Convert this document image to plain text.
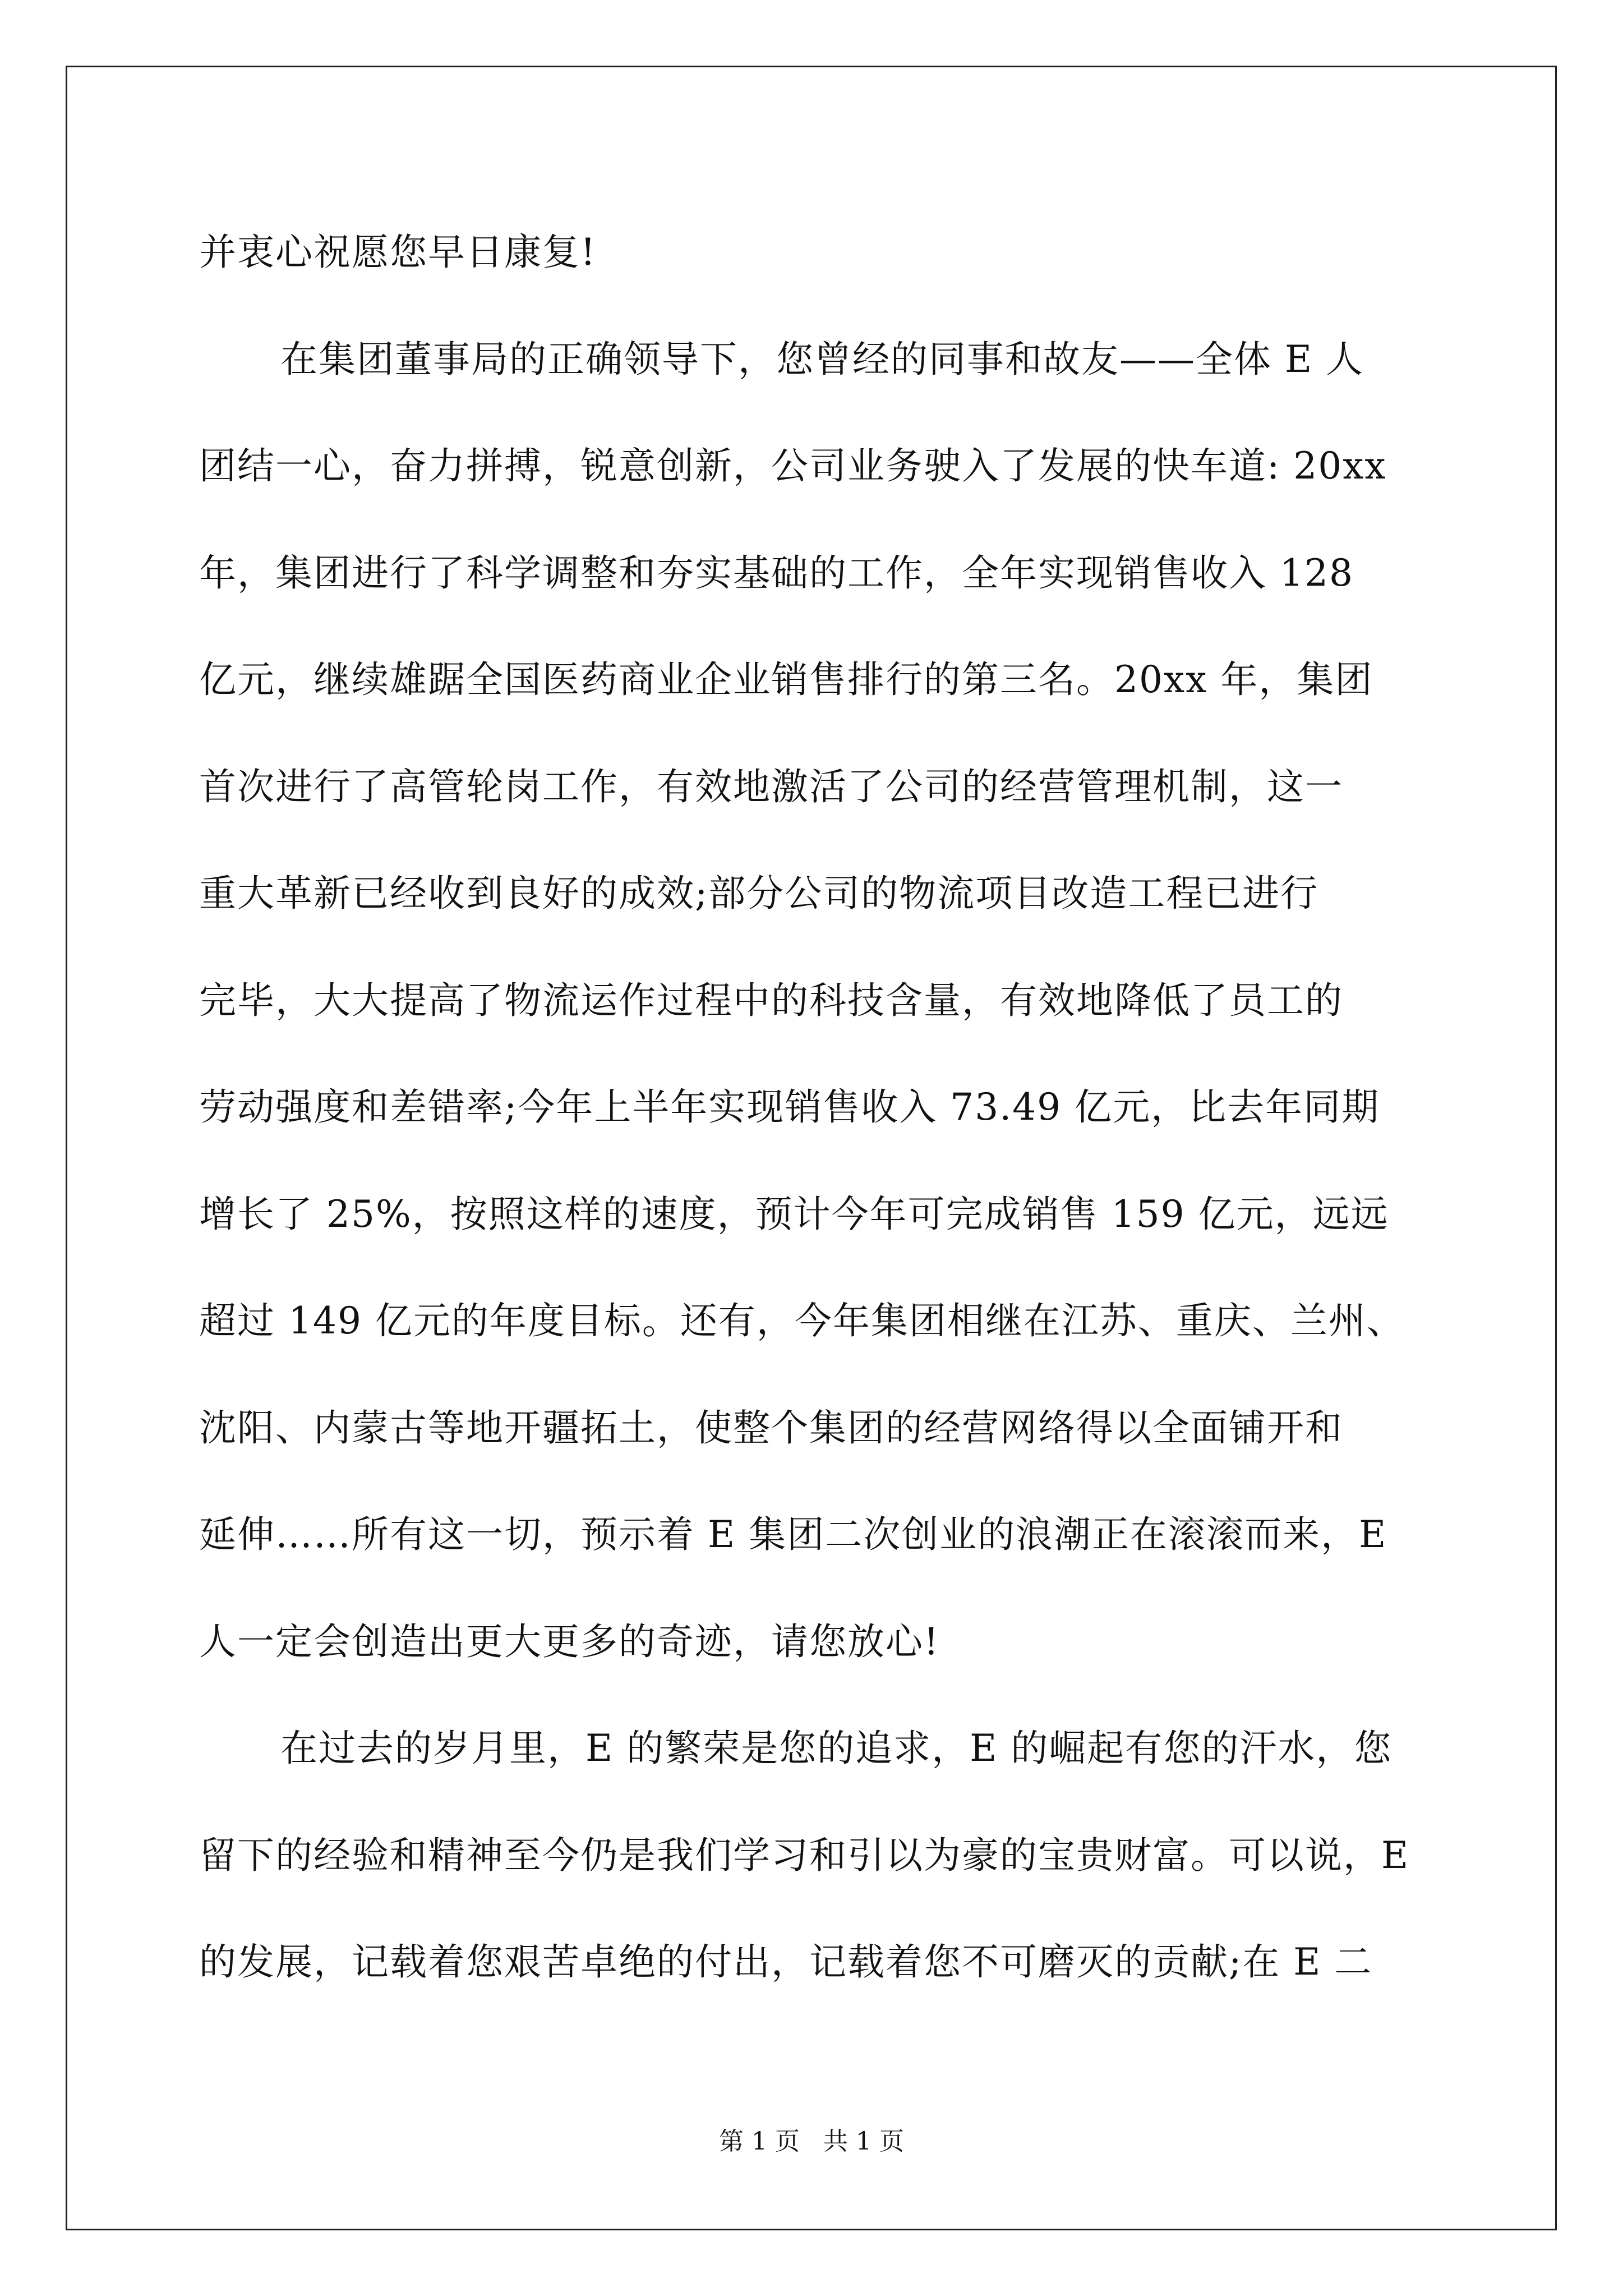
并衷心祝愿您早日康复!
在集团董事局的正确领导下，您曾经的同事和故友——全体 E 人
团结一心，奋力拼搏，锐意创新，公司业务驶入了发展的快车道: 20xx
年，集团进行了科学调整和夯实基础的工作，全年实现销售收入 128
亿元，继续雄踞全国医药商业企业销售排行的第三名。20xx 年，集团
首次进行了高管轮岗工作，有效地激活了公司的经营管理机制，这一
重大革新已经收到良好的成效;部分公司的物流项目改造工程已进行
完毕，大大提高了物流运作过程中的科技含量，有效地降低了员工的
劳动强度和差错率;今年上半年实现销售收入 73.49 亿元，比去年同期
增长了 25%，按照这样的速度，预计今年可完成销售 159 亿元，远远
超过 149 亿元的年度目标。还有，今年集团相继在江苏、重庆、兰州、
沈阳、内蒙古等地开疆拓土，使整个集团的经营网络得以全面铺开和
延伸……所有这一切，预示着 E 集团二次创业的浪潮正在滚滚而来，E
人一定会创造出更大更多的奇迹，请您放心!
在过去的岁月里，E 的繁荣是您的追求，E 的崛起有您的汗水，您
留下的经验和精神至今仍是我们学习和引以为豪的宝贵财富。可以说，E
的发展，记载着您艰苦卓绝的付出，记载着您不可磨灭的贡献;在 E 二
第 1 页   共 1 页
